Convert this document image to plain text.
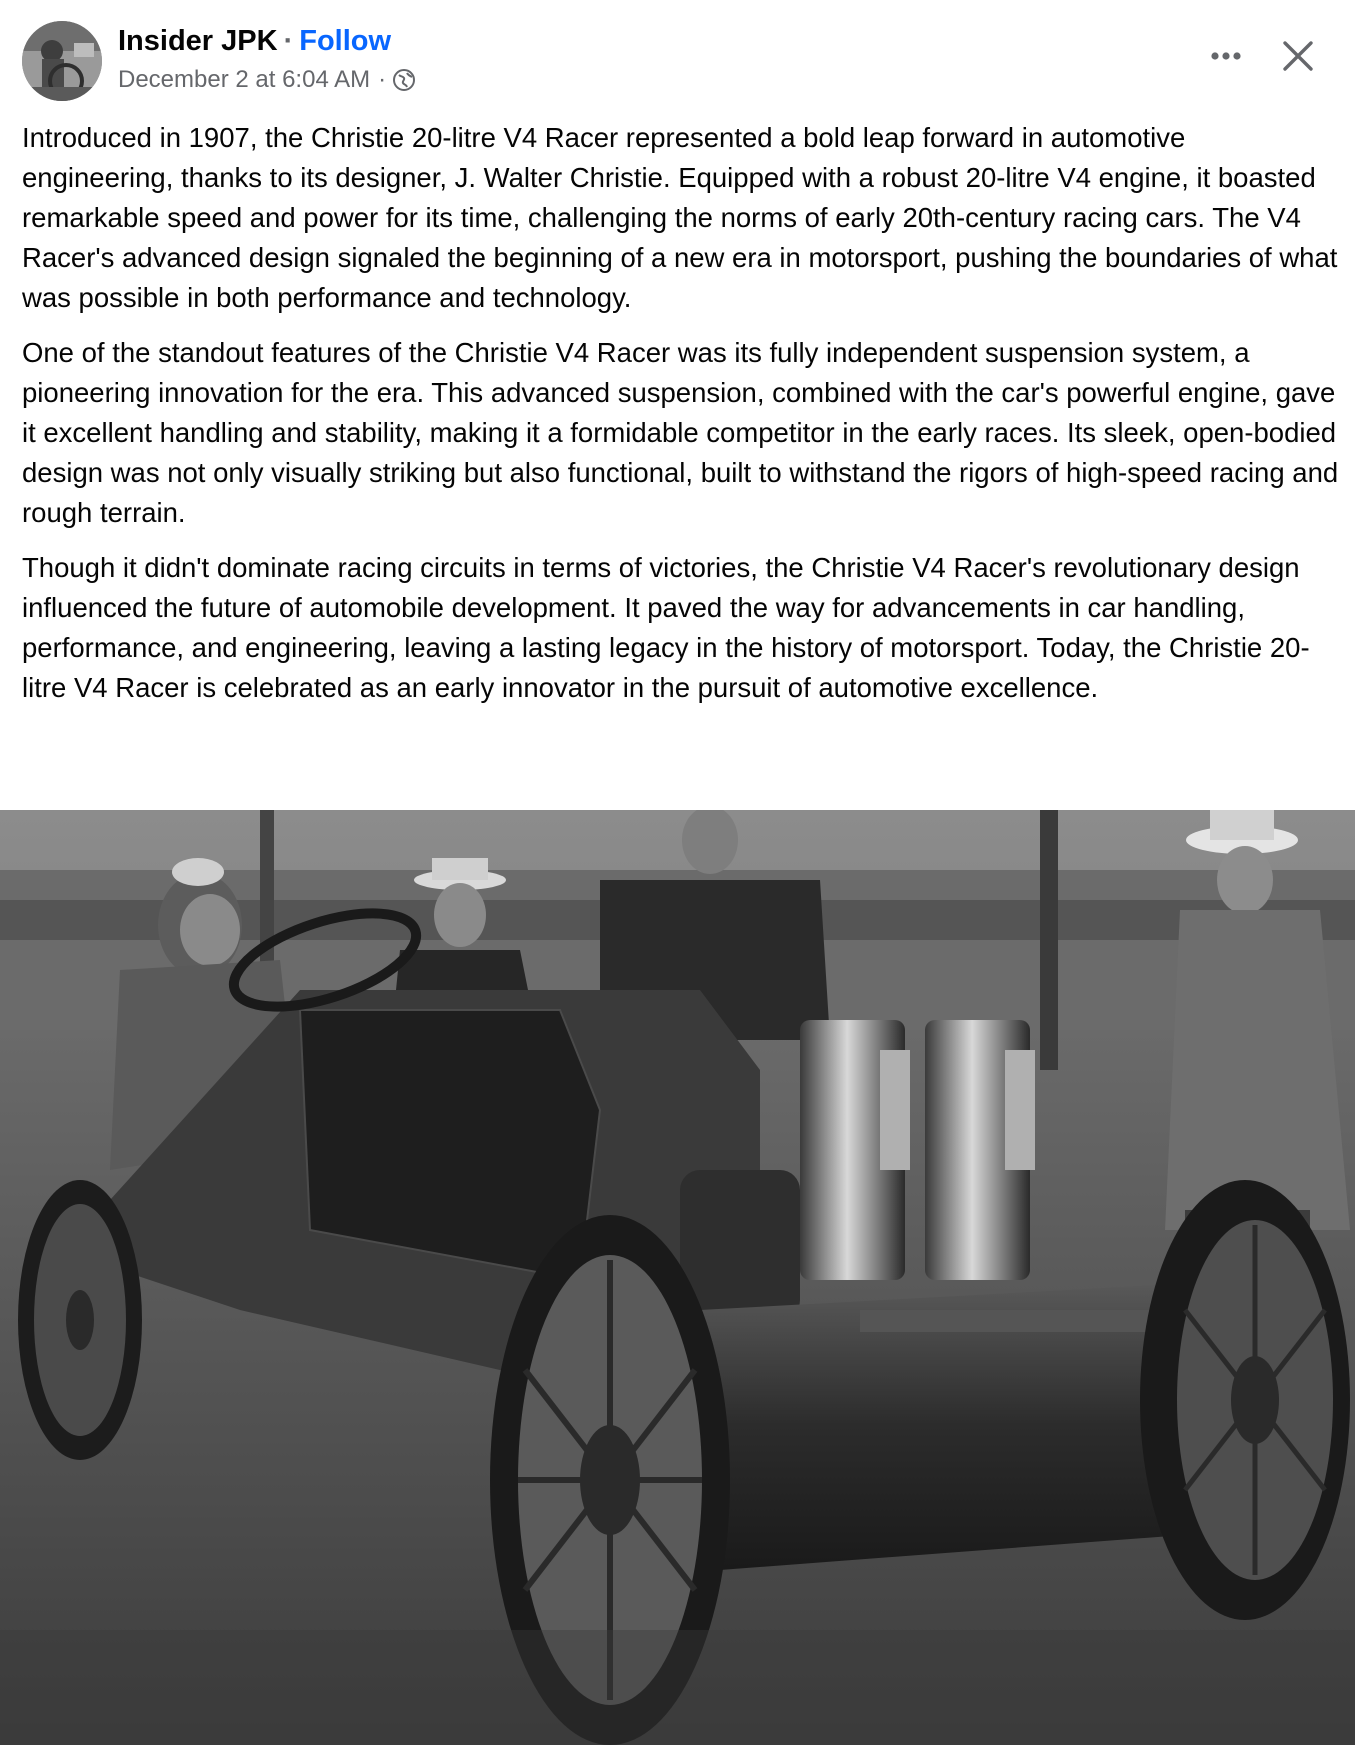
Insider JPK · Follow
December 2 at 6:04 AM ·

Introduced in 1907, the Christie 20-litre V4 Racer represented a bold leap forward in automotive engineering, thanks to its designer, J. Walter Christie. Equipped with a robust 20-litre V4 engine, it boasted remarkable speed and power for its time, challenging the norms of early 20th-century racing cars. The V4 Racer's advanced design signaled the beginning of a new era in motorsport, pushing the boundaries of what was possible in both performance and technology.

One of the standout features of the Christie V4 Racer was its fully independent suspension system, a pioneering innovation for the era. This advanced suspension, combined with the car's powerful engine, gave it excellent handling and stability, making it a formidable competitor in the early races. Its sleek, open-bodied design was not only visually striking but also functional, built to withstand the rigors of high-speed racing and rough terrain.

Though it didn't dominate racing circuits in terms of victories, the Christie V4 Racer's revolutionary design influenced the future of automobile development. It paved the way for advancements in car handling, performance, and engineering, leaving a lasting legacy in the history of motorsport. Today, the Christie 20-litre V4 Racer is celebrated as an early innovator in the pursuit of automotive excellence.
